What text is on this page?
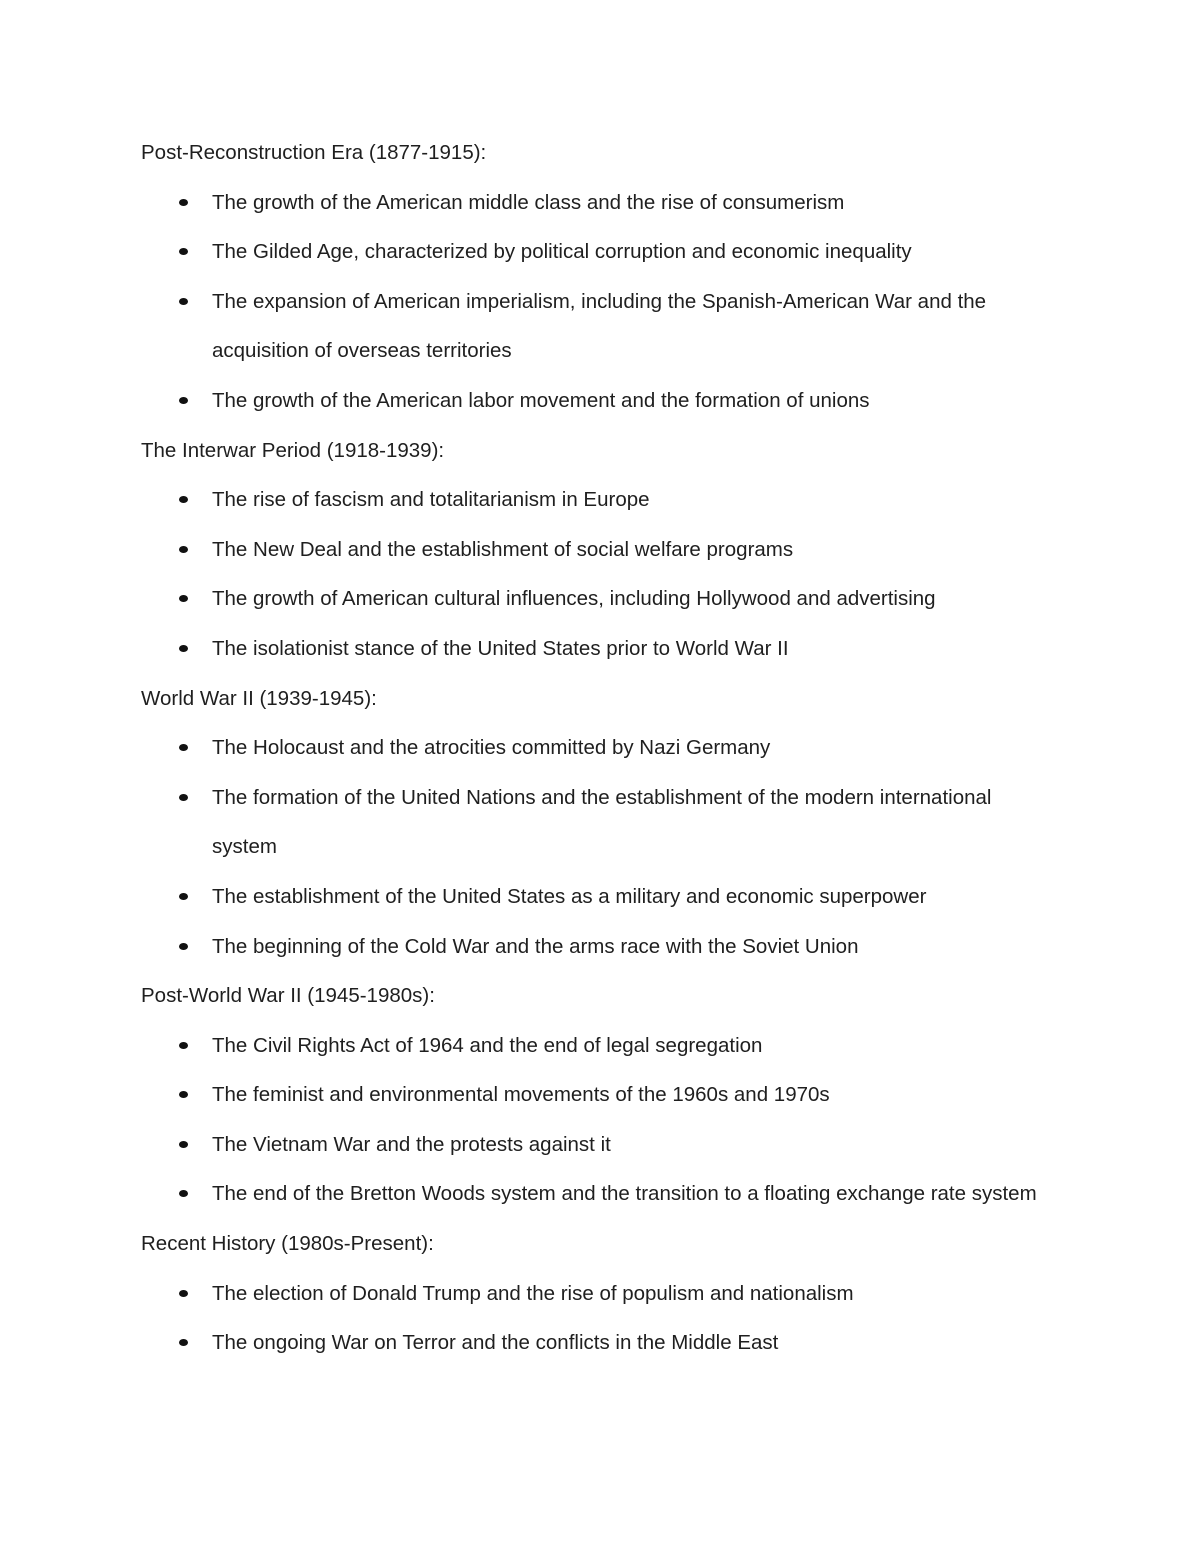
Post-Reconstruction Era (1877-1915):

The growth of the American middle class and the rise of consumerism
The Gilded Age, characterized by political corruption and economic inequality
The expansion of American imperialism, including the Spanish-American War and the acquisition of overseas territories
The growth of the American labor movement and the formation of unions

The Interwar Period (1918-1939):

The rise of fascism and totalitarianism in Europe
The New Deal and the establishment of social welfare programs
The growth of American cultural influences, including Hollywood and advertising
The isolationist stance of the United States prior to World War II

World War II (1939-1945):

The Holocaust and the atrocities committed by Nazi Germany
The formation of the United Nations and the establishment of the modern international system
The establishment of the United States as a military and economic superpower
The beginning of the Cold War and the arms race with the Soviet Union

Post-World War II (1945-1980s):

The Civil Rights Act of 1964 and the end of legal segregation
The feminist and environmental movements of the 1960s and 1970s
The Vietnam War and the protests against it
The end of the Bretton Woods system and the transition to a floating exchange rate system

Recent History (1980s-Present):

The election of Donald Trump and the rise of populism and nationalism
The ongoing War on Terror and the conflicts in the Middle East
